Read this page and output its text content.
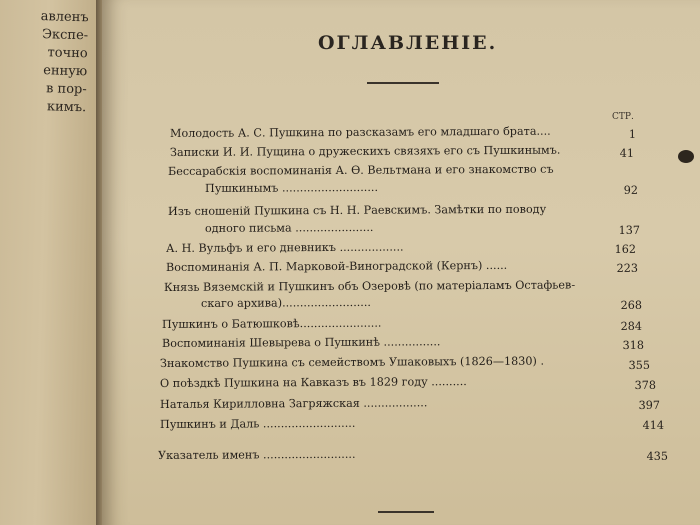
авленъ
Экспе-
точно
енную
в пор-
кимъ.
ОГЛАВЛЕНІЕ.
СТР.
Молодость А. С. Пушкина по разсказамъ его младшаго брата....	1
Записки И. И. Пущина о дружескихъ связяхъ его съ Пушкинымъ.	41
Бессарабскія воспоминанія А. Ѳ. Вельтмана и его знакомство съ
Пушкинымъ ...........................	92
Изъ сношеній Пушкина съ Н. Н. Раевскимъ. Замѣтки по поводу
одного письма ......................	137
А. Н. Вульфъ и его дневникъ ..................	162
Воспоминанія А. П. Марковой-Виноградской (Кернъ) ......	223
Князь Вяземскій и Пушкинъ объ Озеровѣ (по матеріаламъ Остафьев-
скаго архива).........................	268
Пушкинъ о Батюшковѣ.......................	284
Воспоминанія Шевырева о Пушкинѣ ................	318
Знакомство Пушкина съ семействомъ Ушаковыхъ (1826—1830) .	355
О поѣздкѣ Пушкина на Кавказъ въ 1829 году ..........	378
Наталья Кирилловна Загряжская ..................	397
Пушкинъ и Даль ..........................	414
Указатель именъ ..........................	435
